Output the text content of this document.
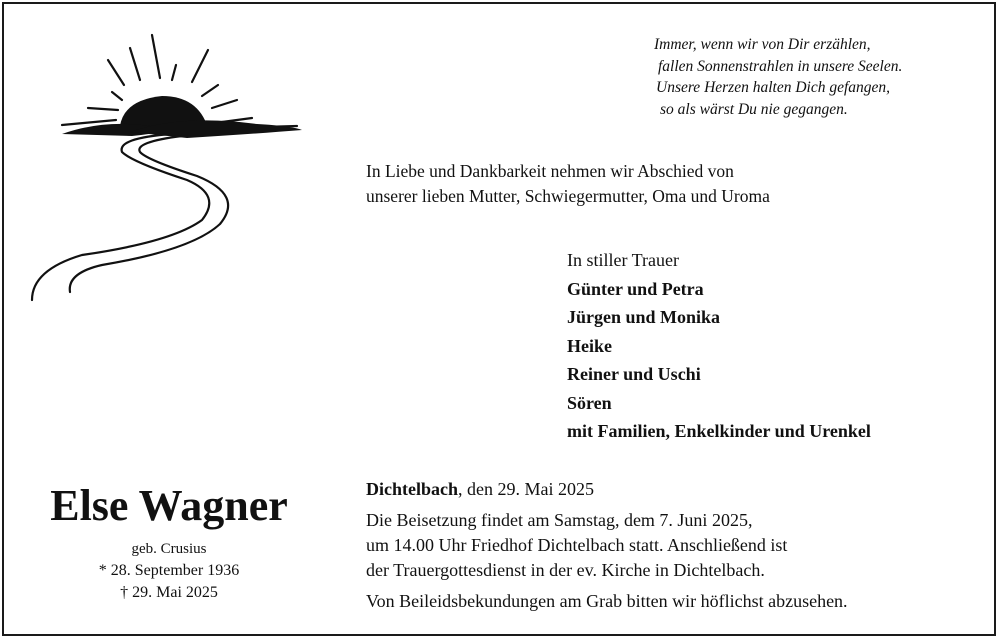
Immer, wenn wir von Dir erzählen,
fallen Sonnenstrahlen in unsere Seelen.
Unsere Herzen halten Dich gefangen,
so als wärst Du nie gegangen.
In Liebe und Dankbarkeit nehmen wir Abschied von
unserer lieben Mutter, Schwiegermutter, Oma und Uroma
In stiller Trauer
Günter und Petra
Jürgen und Monika
Heike
Reiner und Uschi
Sören
mit Familien, Enkelkinder und Urenkel
Else Wagner
geb. Crusius
* 28. September 1936
† 29. Mai 2025
Dichtelbach, den 29. Mai 2025
Die Beisetzung findet am Samstag, dem 7. Juni 2025,
um 14.00 Uhr Friedhof Dichtelbach statt. Anschließend ist
der Trauergottesdienst in der ev. Kirche in Dichtelbach.
Von Beileidsbekundungen am Grab bitten wir höflichst abzusehen.
